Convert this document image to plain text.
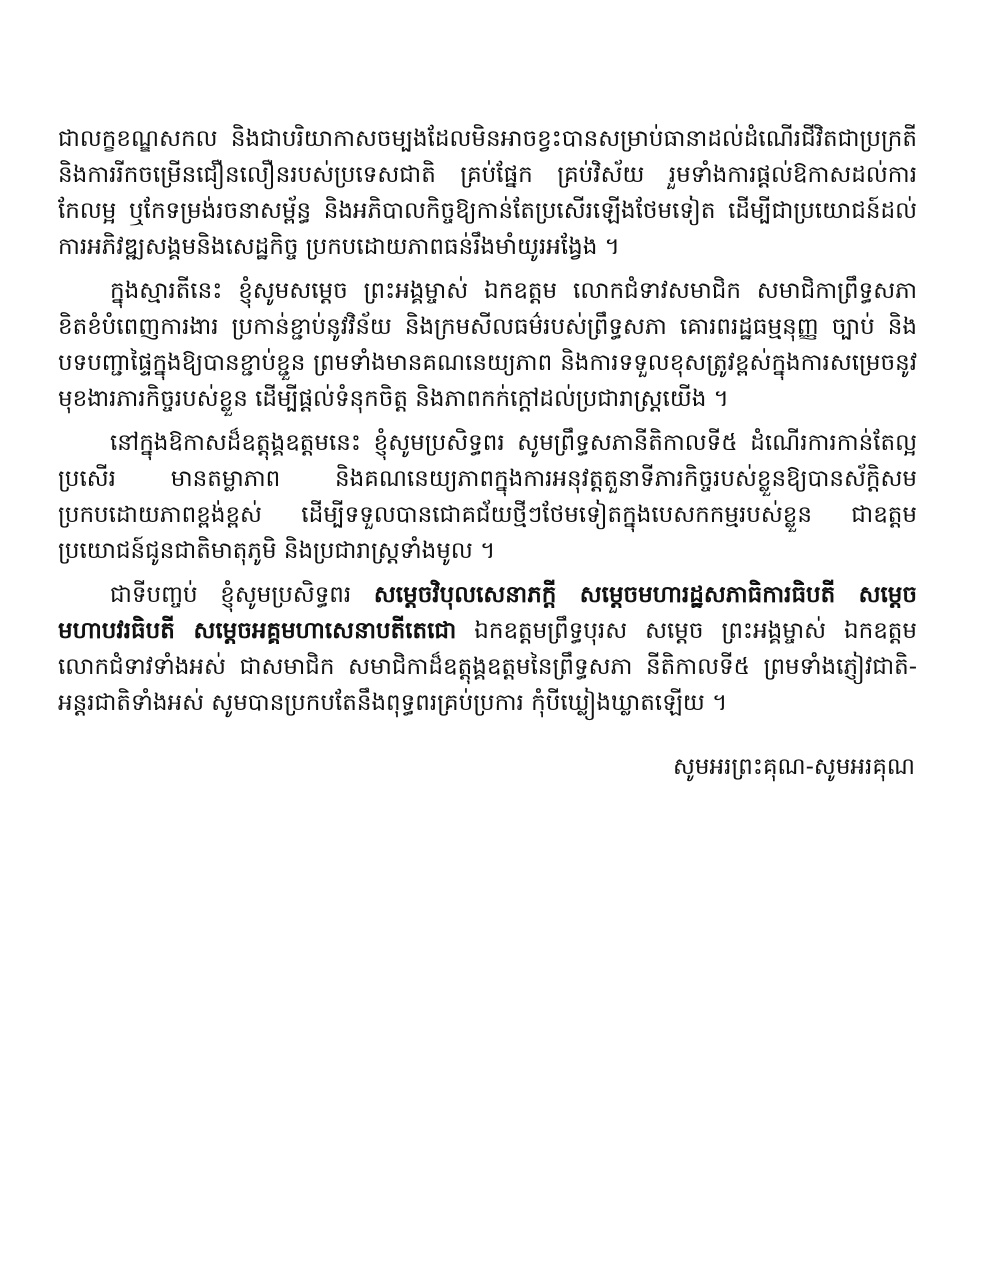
ជាលក្ខខណ្ឌសកល និងជាបរិយាកាសចម្បងដែលមិនអាចខ្វះបានសម្រាប់ធានាដល់ដំណើរជីវិតជាប្រក្រតី និងការរីកចម្រើនជឿនលឿនរបស់ប្រទេសជាតិ គ្រប់ផ្នែក គ្រប់វិស័យ រួមទាំងការផ្តល់ឱកាសដល់ការកែលម្អ ឬកែទម្រង់រចនាសម្ព័ន្ធ និងអភិបាលកិច្ចឱ្យកាន់តែប្រសើរឡើងថែមទៀត ដើម្បីជាប្រយោជន៍ដល់ការអភិវឌ្ឍសង្គមនិងសេដ្ឋកិច្ច ប្រកបដោយភាពធន់រឹងមាំយូរអង្វែង ។

ក្នុងស្មារតីនេះ ខ្ញុំសូមសម្តេច ព្រះអង្គម្ចាស់ ឯកឧត្តម លោកជំទាវសមាជិក សមាជិកាព្រឹទ្ធសភា ខិតខំបំពេញការងារ ប្រកាន់ខ្ជាប់នូវវិន័យ និងក្រមសីលធម៌របស់ព្រឹទ្ធសភា គោរពរដ្ឋធម្មនុញ្ញ ច្បាប់ និងបទបញ្ជាផ្ទៃក្នុងឱ្យបានខ្ជាប់ខ្ជួន ព្រមទាំងមានគណនេយ្យភាព និងការទទួលខុសត្រូវខ្ពស់ក្នុងការសម្រេចនូវមុខងារភារកិច្ចរបស់ខ្លួន ដើម្បីផ្តល់ទំនុកចិត្ត និងភាពកក់ក្តៅដល់ប្រជារាស្ត្រយើង ។

នៅក្នុងឱកាសដ៏ឧត្តុង្គឧត្តមនេះ ខ្ញុំសូមប្រសិទ្ធពរ សូមព្រឹទ្ធសភានីតិកាលទី៥ ដំណើរការកាន់តែល្អប្រសើរ មានតម្លាភាព និងគណនេយ្យភាពក្នុងការអនុវត្តតួនាទីភារកិច្ចរបស់ខ្លួនឱ្យបានស័ក្តិសម ប្រកបដោយភាពខ្ពង់ខ្ពស់ ដើម្បីទទួលបានជោគជ័យថ្មីៗថែមទៀតក្នុងបេសកកម្មរបស់ខ្លួន ជាឧត្តមប្រយោជន៍ជូនជាតិមាតុភូមិ និងប្រជារាស្ត្រទាំងមូល ។

ជាទីបញ្ចប់ ខ្ញុំសូមប្រសិទ្ធពរ សម្តេចវិបុលសេនាភក្តី សម្តេចមហារដ្ឋសភាធិការធិបតី សម្តេចមហាបវរធិបតី សម្តេចអគ្គមហាសេនាបតីតេជោ ឯកឧត្តមព្រឹទ្ធបុរស សម្តេច ព្រះអង្គម្ចាស់ ឯកឧត្តម លោកជំទាវទាំងអស់ ជាសមាជិក សមាជិកាដ៏ឧត្តុង្គឧត្តមនៃព្រឹទ្ធសភា នីតិកាលទី៥ ព្រមទាំងភ្ញៀវជាតិ-អន្តរជាតិទាំងអស់ សូមបានប្រកបតែនឹងពុទ្ធពរគ្រប់ប្រការ កុំបីឃ្លៀងឃ្លាតឡើយ ។

សូមអរព្រះគុណ-សូមអរគុណ
